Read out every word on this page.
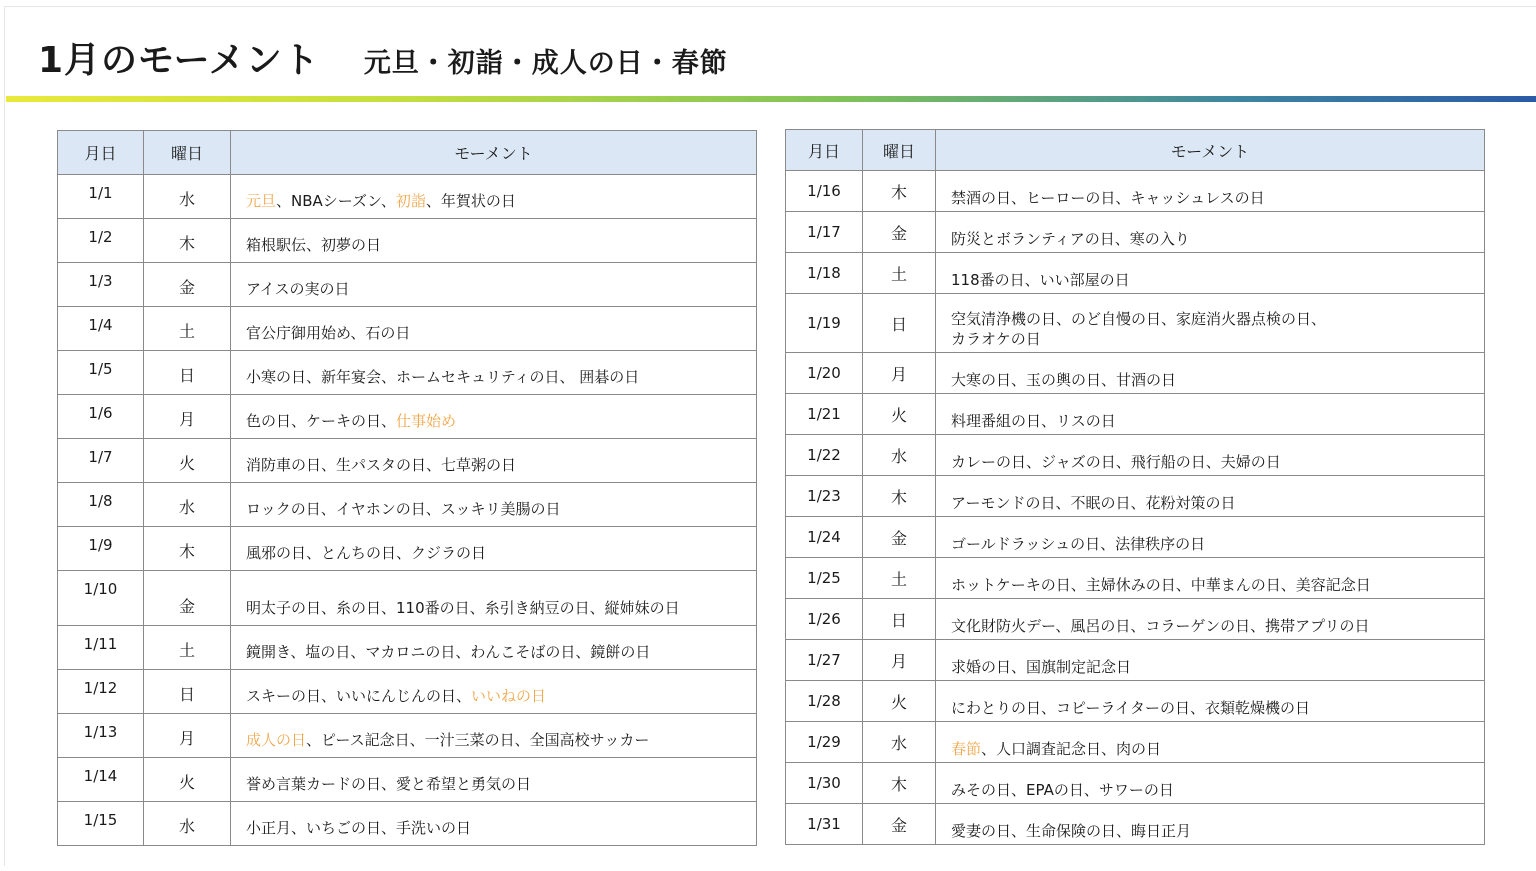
1月のモーメント 元旦・初詣・成人の日・春節
月日	曜日	モーメント
1/1	水	元旦、NBAシーズン、初詣、年賀状の日
1/2	木	箱根駅伝、初夢の日
1/3	金	アイスの実の日
1/4	土	官公庁御用始め、石の日
1/5	日	小寒の日、新年宴会、ホームセキュリティの日、 囲碁の日
1/6	月	色の日、ケーキの日、仕事始め
1/7	火	消防車の日、生パスタの日、七草粥の日
1/8	水	ロックの日、イヤホンの日、スッキリ美腸の日
1/9	木	風邪の日、とんちの日、クジラの日
1/10	金	明太子の日、糸の日、110番の日、糸引き納豆の日、縦姉妹の日
1/11	土	鏡開き、塩の日、マカロニの日、わんこそばの日、鏡餅の日
1/12	日	スキーの日、いいにんじんの日、いいねの日
1/13	月	成人の日、ピース記念日、一汁三菜の日、全国高校サッカー
1/14	火	誉め言葉カードの日、愛と希望と勇気の日
1/15	水	小正月、いちごの日、手洗いの日
月日	曜日	モーメント
1/16	木	禁酒の日、ヒーローの日、キャッシュレスの日
1/17	金	防災とボランティアの日、寒の入り
1/18	土	118番の日、いい部屋の日
1/19	日	空気清浄機の日、のど自慢の日、家庭消火器点検の日、
カラオケの日
1/20	月	大寒の日、玉の輿の日、甘酒の日
1/21	火	料理番組の日、リスの日
1/22	水	カレーの日、ジャズの日、飛行船の日、夫婦の日
1/23	木	アーモンドの日、不眠の日、花粉対策の日
1/24	金	ゴールドラッシュの日、法律秩序の日
1/25	土	ホットケーキの日、主婦休みの日、中華まんの日、美容記念日
1/26	日	文化財防火デー、風呂の日、コラーゲンの日、携帯アプリの日
1/27	月	求婚の日、国旗制定記念日
1/28	火	にわとりの日、コピーライターの日、衣類乾燥機の日
1/29	水	春節、人口調査記念日、肉の日
1/30	木	みその日、EPAの日、サワーの日
1/31	金	愛妻の日、生命保険の日、晦日正月
